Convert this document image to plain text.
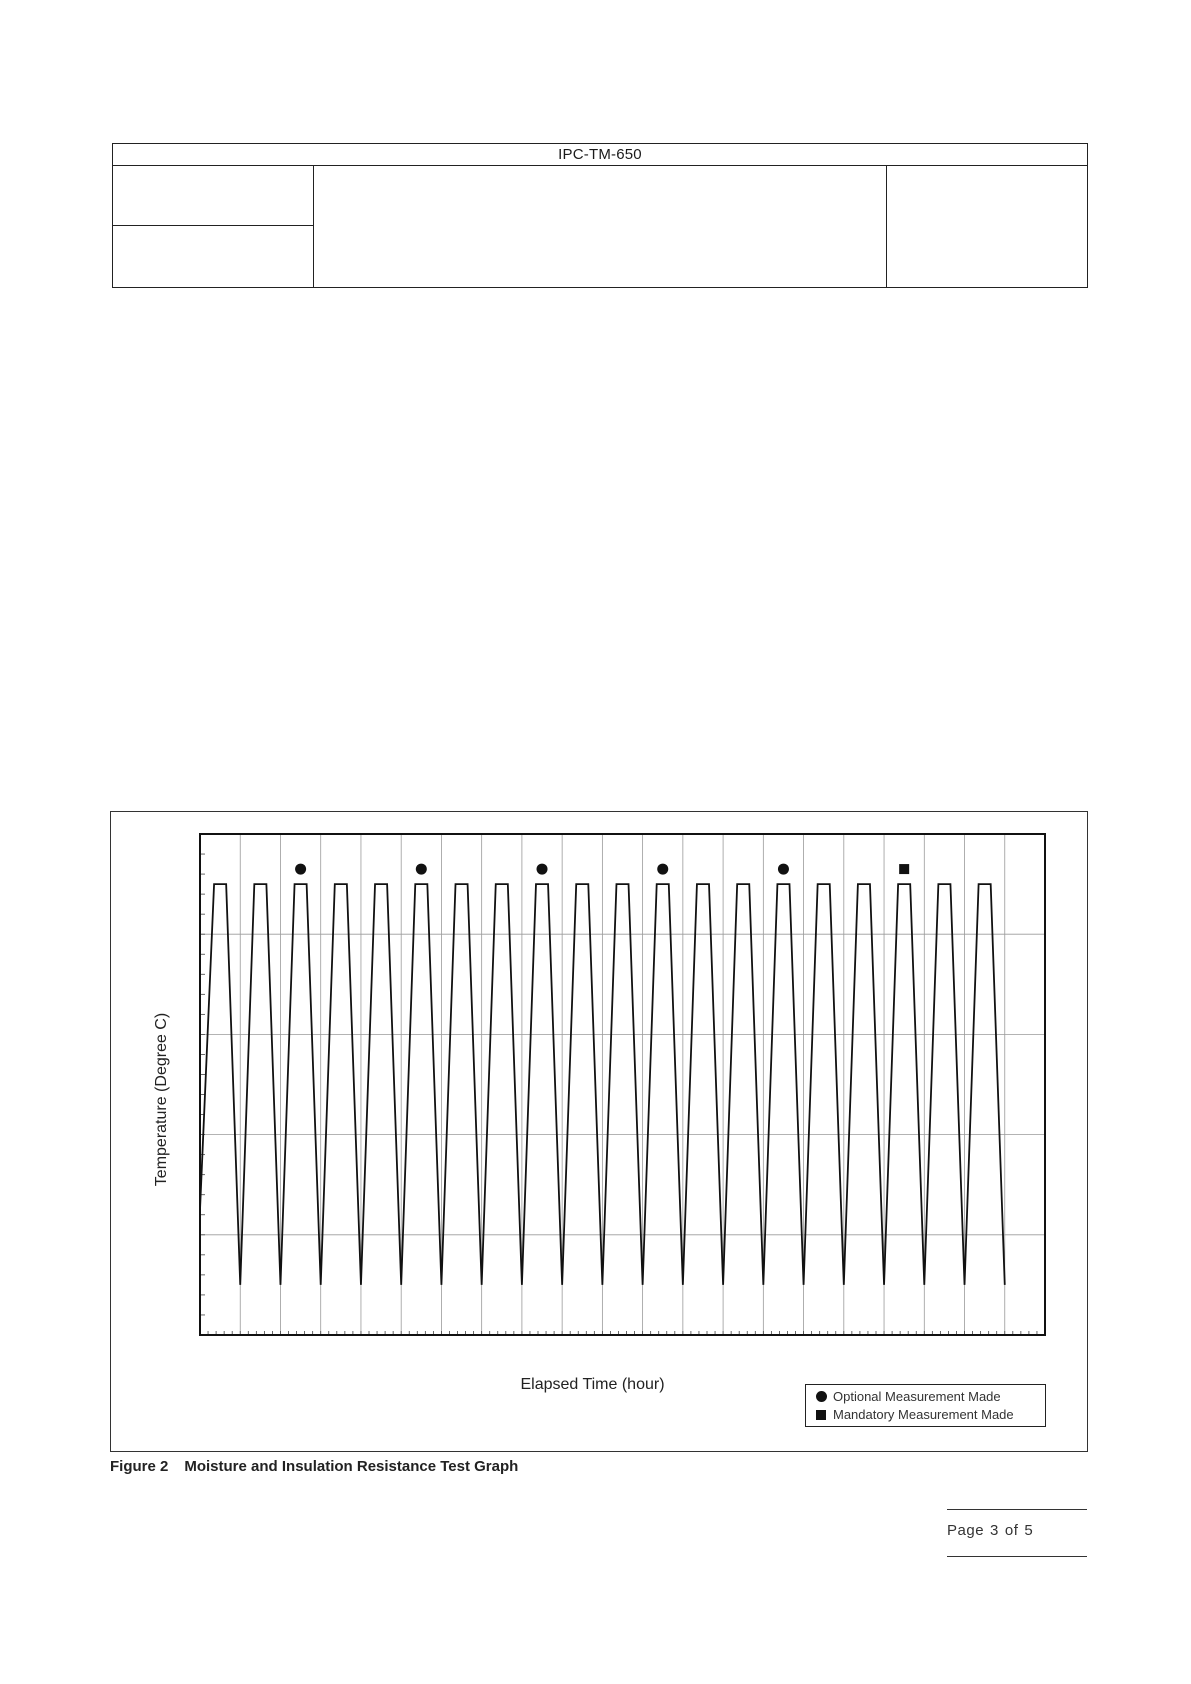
IPC-TM-650
Elapsed Time (hour)
Temperature (Degree C)
Optional Measurement Made
Mandatory Measurement Made
Figure 2 Moisture and Insulation Resistance Test Graph
Page 3 of 5
